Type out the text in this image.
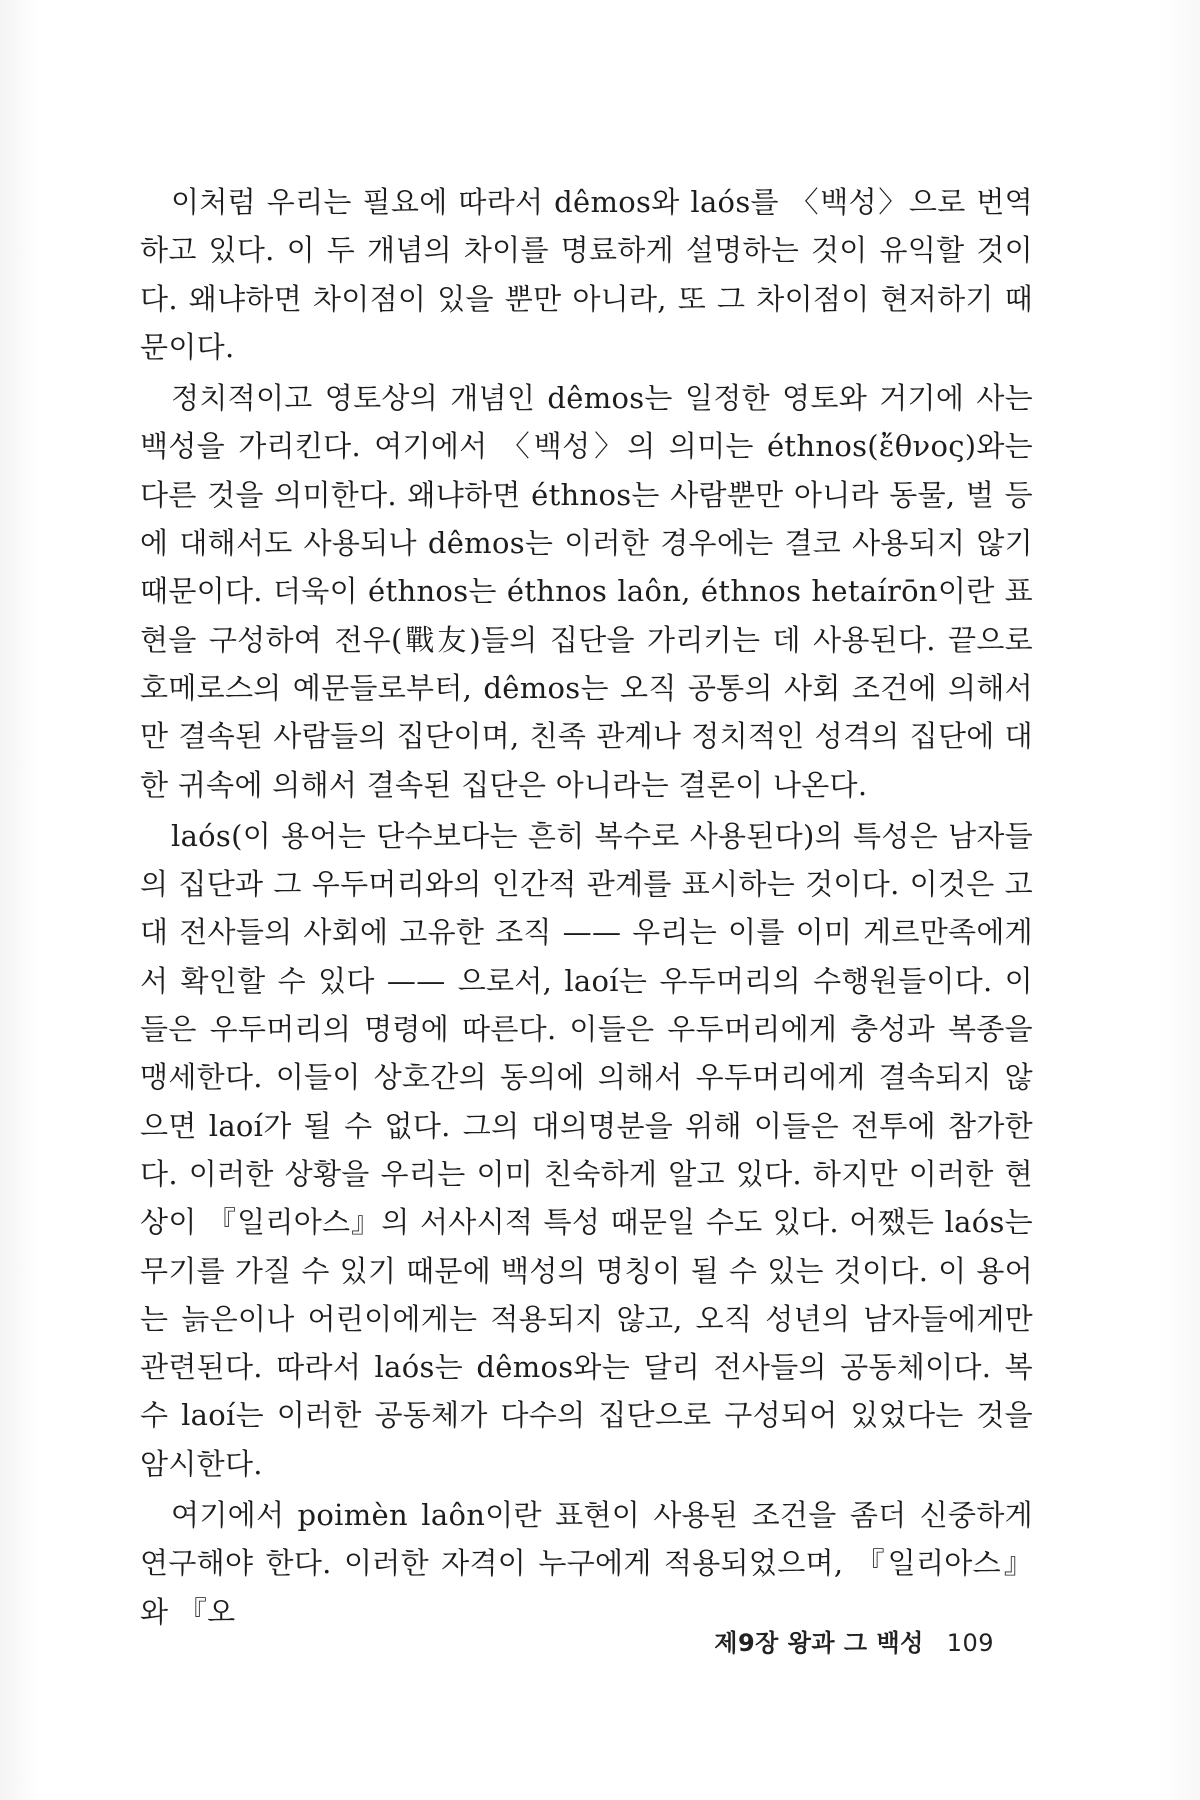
이처럼 우리는 필요에 따라서 dêmos와 laós를 〈백성〉으로 번역하고 있다. 이 두 개념의 차이를 명료하게 설명하는 것이 유익할 것이다. 왜냐하면 차이점이 있을 뿐만 아니라, 또 그 차이점이 현저하기 때문이다.

정치적이고 영토상의 개념인 dêmos는 일정한 영토와 거기에 사는 백성을 가리킨다. 여기에서 〈백성〉의 의미는 éthnos(ἔθνος)와는 다른 것을 의미한다. 왜냐하면 éthnos는 사람뿐만 아니라 동물, 벌 등에 대해서도 사용되나 dêmos는 이러한 경우에는 결코 사용되지 않기 때문이다. 더욱이 éthnos는 éthnos laôn, éthnos hetaírōn이란 표현을 구성하여 전우(戰友)들의 집단을 가리키는 데 사용된다. 끝으로 호메로스의 예문들로부터, dêmos는 오직 공통의 사회 조건에 의해서만 결속된 사람들의 집단이며, 친족 관계나 정치적인 성격의 집단에 대한 귀속에 의해서 결속된 집단은 아니라는 결론이 나온다.

laós(이 용어는 단수보다는 흔히 복수로 사용된다)의 특성은 남자들의 집단과 그 우두머리와의 인간적 관계를 표시하는 것이다. 이것은 고대 전사들의 사회에 고유한 조직 —— 우리는 이를 이미 게르만족에게서 확인할 수 있다 —— 으로서, laoí는 우두머리의 수행원들이다. 이들은 우두머리의 명령에 따른다. 이들은 우두머리에게 충성과 복종을 맹세한다. 이들이 상호간의 동의에 의해서 우두머리에게 결속되지 않으면 laoí가 될 수 없다. 그의 대의명분을 위해 이들은 전투에 참가한다. 이러한 상황을 우리는 이미 친숙하게 알고 있다. 하지만 이러한 현상이 『일리아스』의 서사시적 특성 때문일 수도 있다. 어쨌든 laós는 무기를 가질 수 있기 때문에 백성의 명칭이 될 수 있는 것이다. 이 용어는 늙은이나 어린이에게는 적용되지 않고, 오직 성년의 남자들에게만 관련된다. 따라서 laós는 dêmos와는 달리 전사들의 공동체이다. 복수 laoí는 이러한 공동체가 다수의 집단으로 구성되어 있었다는 것을 암시한다.

여기에서 poimèn laôn이란 표현이 사용된 조건을 좀더 신중하게 연구해야 한다. 이러한 자격이 누구에게 적용되었으며, 『일리아스』와 『오

제9장 왕과 그 백성 109
